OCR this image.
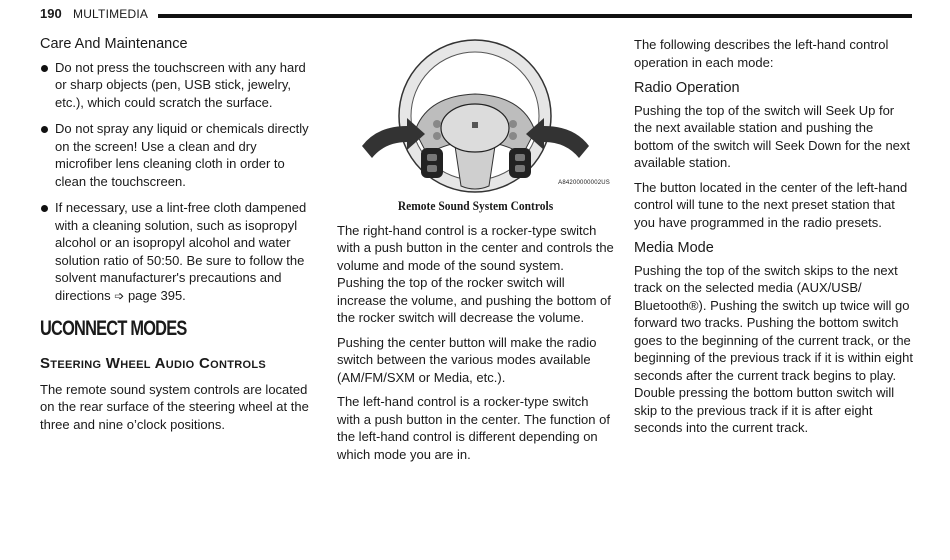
190 MULTIMEDIA
Care And Maintenance
Do not press the touchscreen with any hard or sharp objects (pen, USB stick, jewelry, etc.), which could scratch the surface.
Do not spray any liquid or chemicals directly on the screen! Use a clean and dry microfiber lens cleaning cloth in order to clean the touchscreen.
If necessary, use a lint-free cloth dampened with a cleaning solution, such as isopropyl alcohol or an isopropyl alcohol and water solution ratio of 50:50. Be sure to follow the solvent manufacturer's precautions and directions ➩ page 395.
UCONNECT MODES
Steering Wheel Audio Controls

The remote sound system controls are located on the rear surface of the steering wheel at the three and nine o’clock positions.

A84200000002US
Remote Sound System Controls

The right-hand control is a rocker-type switch with a push button in the center and controls the volume and mode of the sound system. Pushing the top of the rocker switch will increase the volume, and pushing the bottom of the rocker switch will decrease the volume.

Pushing the center button will make the radio switch between the various modes available (AM/FM/SXM or Media, etc.).

The left-hand control is a rocker-type switch with a push button in the center. The function of the left-hand control is different depending on which mode you are in.

The following describes the left-hand control operation in each mode:

Radio Operation

Pushing the top of the switch will Seek Up for the next available station and pushing the bottom of the switch will Seek Down for the next available station.

The button located in the center of the left-hand control will tune to the next preset station that you have programmed in the radio presets.

Media Mode

Pushing the top of the switch skips to the next track on the selected media (AUX/USB/ Bluetooth®). Pushing the switch up twice will go forward two tracks. Pushing the bottom switch goes to the beginning of the current track, or the beginning of the previous track if it is within eight seconds after the current track begins to play. Double pressing the bottom button switch will skip to the previous track if it is after eight seconds into the current track.
